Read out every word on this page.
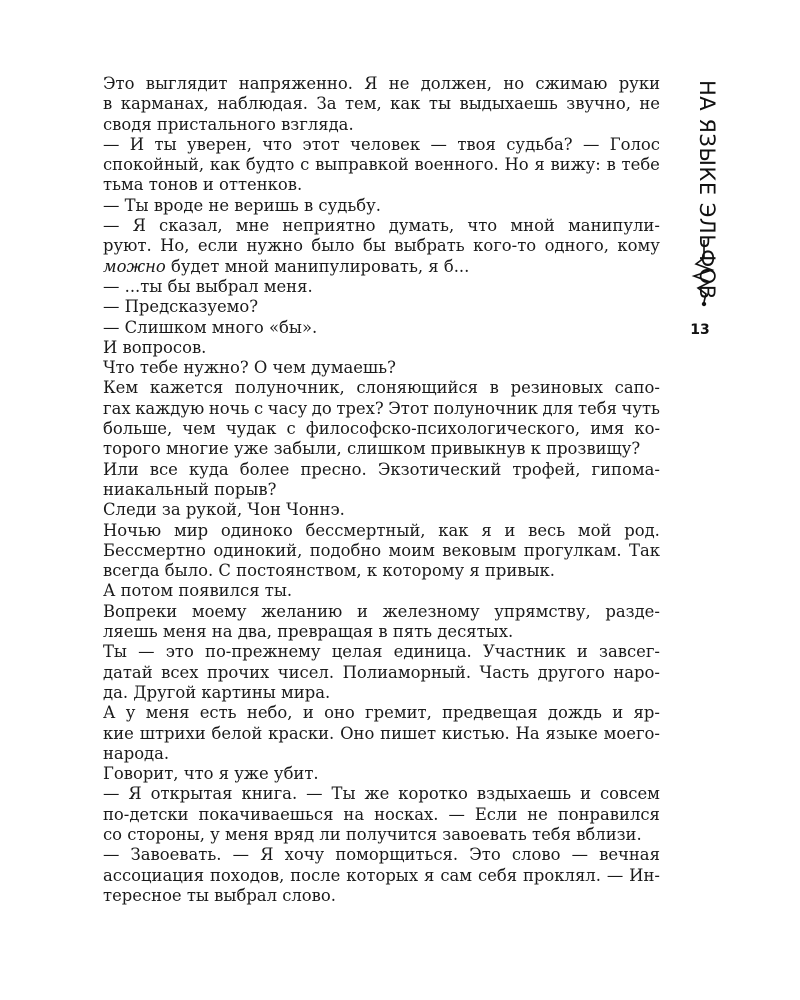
Это выглядит напряженно. Я не должен, но сжимаю руки
в карманах, наблюдая. За тем, как ты выдыхаешь звучно, не
сводя пристального взгляда.
— И ты уверен, что этот человек — твоя судьба? — Голос
спокойный, как будто с выправкой военного. Но я вижу: в тебе
тьма тонов и оттенков.
— Ты вроде не веришь в судьбу.
— Я сказал, мне неприятно думать, что мной манипули-
руют. Но, если нужно было бы выбрать кого-то одного, кому
можно будет мной манипулировать, я б...
— ...ты бы выбрал меня.
— Предсказуемо?
— Слишком много «бы».
И вопросов.
Что тебе нужно? О чем думаешь?
Кем кажется полуночник, слоняющийся в резиновых сапо-
гах каждую ночь с часу до трех? Этот полуночник для тебя чуть
больше, чем чудак с философско-психологического, имя ко-
торого многие уже забыли, слишком привыкнув к прозвищу?
Или все куда более пресно. Экзотический трофей, гипома-
ниакальный порыв?
Следи за рукой, Чон Чоннэ.
Ночью мир одиноко бессмертный, как я и весь мой род.
Бессмертно одинокий, подобно моим вековым прогулкам. Так
всегда было. С постоянством, к которому я привык.
А потом появился ты.
Вопреки моему желанию и железному упрямству, разде-
ляешь меня на два, превращая в пять десятых.
Ты — это по-прежнему целая единица. Участник и завсег-
датай всех прочих чисел. Полиаморный. Часть другого наро-
да. Другой картины мира.
А у меня есть небо, и оно гремит, предвещая дождь и яр-
кие штрихи белой краски. Оно пишет кистью. На языке моего-
народа.
Говорит, что я уже убит.
— Я открытая книга. — Ты же коротко вздыхаешь и совсем
по-детски покачиваешься на носках. — Если не понравился
со стороны, у меня вряд ли получится завоевать тебя вблизи.
— Завоевать. — Я хочу поморщиться. Это слово — вечная
ассоциация походов, после которых я сам себя проклял. — Ин-
тересное ты выбрал слово.
НА ЯЗЫКЕ ЭЛЬФОВ
13
